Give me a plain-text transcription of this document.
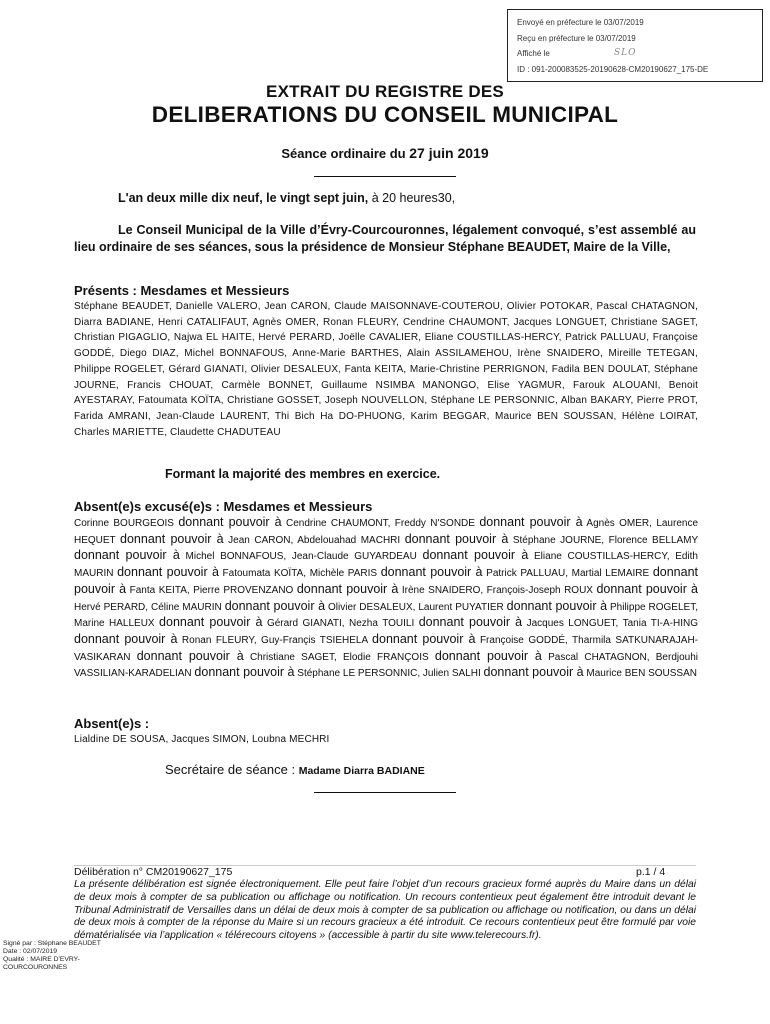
Envoyé en préfecture le 03/07/2019
Reçu en préfecture le 03/07/2019
Affiché le
ID : 091-200083525-20190628-CM20190627_175-DE
SLO
EXTRAIT DU REGISTRE DES
DELIBERATIONS DU CONSEIL MUNICIPAL
Séance ordinaire du 27 juin 2019
L'an deux mille dix neuf, le vingt sept juin, à 20 heures30,
Le Conseil Municipal de la Ville d’Évry-Courcouronnes, légalement convoqué, s’est assemblé au lieu ordinaire de ses séances, sous la présidence de Monsieur Stéphane BEAUDET, Maire de la Ville,
Présents : Mesdames et Messieurs
Stéphane BEAUDET, Danielle VALERO, Jean CARON, Claude MAISONNAVE-COUTEROU, Olivier POTOKAR, Pascal CHATAGNON, Diarra BADIANE, Henri CATALIFAUT, Agnès OMER, Ronan FLEURY, Cendrine CHAUMONT, Jacques LONGUET, Christiane SAGET, Christian PIGAGLIO, Najwa EL HAITE, Hervé PERARD, Joëlle CAVALIER, Eliane COUSTILLAS-HERCY, Patrick PALLUAU, Françoise GODDÉ, Diego DIAZ, Michel BONNAFOUS, Anne-Marie BARTHES, Alain ASSILAMEHOU, Irène SNAIDERO, Mireille TETEGAN, Philippe ROGELET, Gérard GIANATI, Olivier DESALEUX, Fanta KEITA, Marie-Christine PERRIGNON, Fadila BEN DOULAT, Stéphane JOURNE, Francis CHOUAT, Carmèle BONNET, Guillaume NSIMBA MANONGO, Elise YAGMUR, Farouk ALOUANI, Benoit AYESTARAY, Fatoumata KOÏTA, Christiane GOSSET, Joseph NOUVELLON, Stéphane LE PERSONNIC, Alban BAKARY, Pierre PROT, Farida AMRANI, Jean-Claude LAURENT, Thi Bich Ha DO-PHUONG, Karim BEGGAR, Maurice BEN SOUSSAN, Hélène LOIRAT, Charles MARIETTE, Claudette CHADUTEAU
Formant la majorité des membres en exercice.
Absent(e)s excusé(e)s : Mesdames et Messieurs
Corinne BOURGEOIS donnant pouvoir à Cendrine CHAUMONT, Freddy N'SONDE donnant pouvoir à Agnès OMER, Laurence HEQUET donnant pouvoir à Jean CARON, Abdelouahad MACHRI donnant pouvoir à Stéphane JOURNE, Florence BELLAMY donnant pouvoir à Michel BONNAFOUS, Jean-Claude GUYARDEAU donnant pouvoir à Eliane COUSTILLAS-HERCY, Edith MAURIN donnant pouvoir à Fatoumata KOÏTA, Michèle PARIS donnant pouvoir à Patrick PALLUAU, Martial LEMAIRE donnant pouvoir à Fanta KEITA, Pierre PROVENZANO donnant pouvoir à Irène SNAIDERO, François-Joseph ROUX donnant pouvoir à Hervé PERARD, Céline MAURIN donnant pouvoir à Olivier DESALEUX, Laurent PUYATIER donnant pouvoir à Philippe ROGELET, Marine HALLEUX donnant pouvoir à Gérard GIANATI, Nezha TOUILI donnant pouvoir à Jacques LONGUET, Tania TI-A-HING donnant pouvoir à Ronan FLEURY, Guy-Françis TSIEHELA donnant pouvoir à Françoise GODDÉ, Tharmila SATKUNARAJAH-VASIKARAN donnant pouvoir à Christiane SAGET, Elodie FRANÇOIS donnant pouvoir à Pascal CHATAGNON, Berdjouhi VASSILIAN-KARADELIAN donnant pouvoir à Stéphane LE PERSONNIC, Julien SALHI donnant pouvoir à Maurice BEN SOUSSAN
Absent(e)s :
Lialdine DE SOUSA, Jacques SIMON, Loubna MECHRI
Secrétaire de séance : Madame Diarra BADIANE
Délibération n° CM20190627_175	p.1 / 4
La présente délibération est signée électroniquement. Elle peut faire l’objet d’un recours gracieux formé auprès du Maire dans un délai de deux mois à compter de sa publication ou affichage ou notification. Un recours contentieux peut également être introduit devant le Tribunal Administratif de Versailles dans un délai de deux mois à compter de sa publication ou affichage ou notification, ou dans un délai de deux mois à compter de la réponse du Maire si un recours gracieux a été introduit. Ce recours contentieux peut être formulé par voie dématérialisée via l’application « télérecours citoyens » (accessible à partir du site www.telerecours.fr).
Signé par : Stéphane BEAUDET
Date : 02/07/2019
Qualité : MAIRE D'EVRY-
COURCOURONNES
